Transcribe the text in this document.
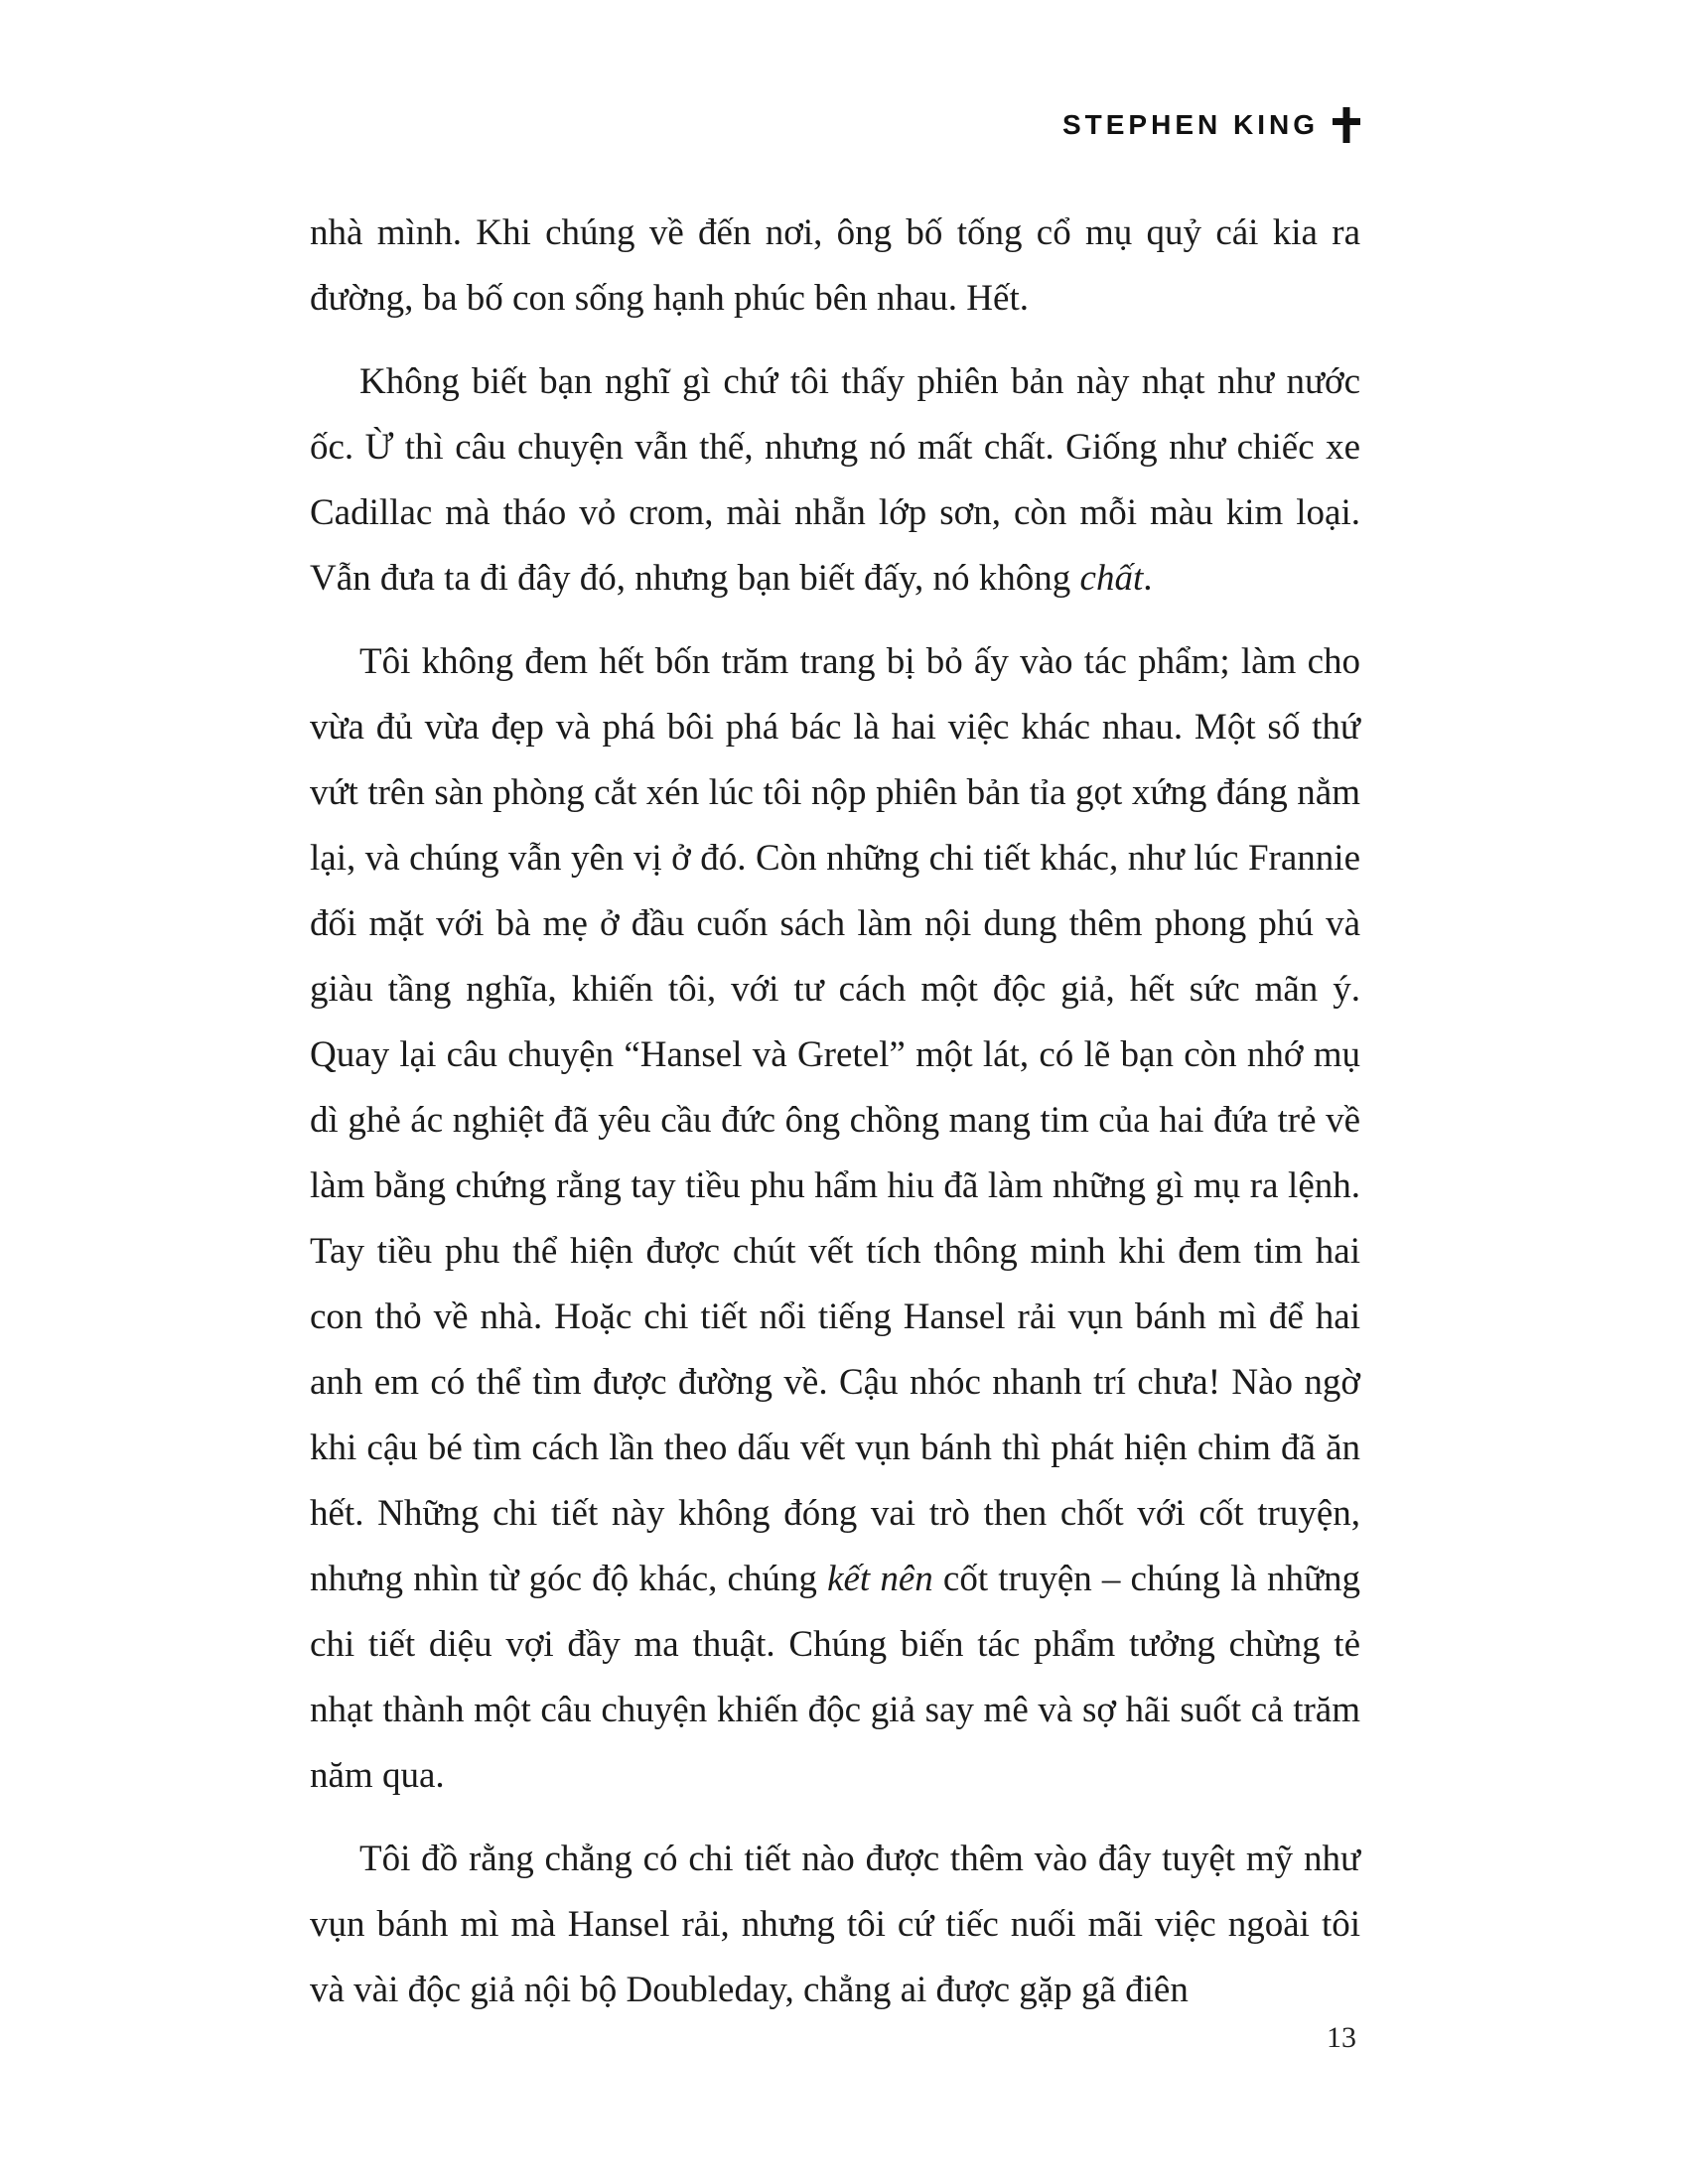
STEPHEN KING

nhà mình. Khi chúng về đến nơi, ông bố tống cổ mụ quỷ cái kia ra đường, ba bố con sống hạnh phúc bên nhau. Hết.

Không biết bạn nghĩ gì chứ tôi thấy phiên bản này nhạt như nước ốc. Ừ thì câu chuyện vẫn thế, nhưng nó mất chất. Giống như chiếc xe Cadillac mà tháo vỏ crom, mài nhẵn lớp sơn, còn mỗi màu kim loại. Vẫn đưa ta đi đây đó, nhưng bạn biết đấy, nó không chất.

Tôi không đem hết bốn trăm trang bị bỏ ấy vào tác phẩm; làm cho vừa đủ vừa đẹp và phá bôi phá bác là hai việc khác nhau. Một số thứ vứt trên sàn phòng cắt xén lúc tôi nộp phiên bản tỉa gọt xứng đáng nằm lại, và chúng vẫn yên vị ở đó. Còn những chi tiết khác, như lúc Frannie đối mặt với bà mẹ ở đầu cuốn sách làm nội dung thêm phong phú và giàu tầng nghĩa, khiến tôi, với tư cách một độc giả, hết sức mãn ý. Quay lại câu chuyện “Hansel và Gretel” một lát, có lẽ bạn còn nhớ mụ dì ghẻ ác nghiệt đã yêu cầu đức ông chồng mang tim của hai đứa trẻ về làm bằng chứng rằng tay tiều phu hẩm hiu đã làm những gì mụ ra lệnh. Tay tiều phu thể hiện được chút vết tích thông minh khi đem tim hai con thỏ về nhà. Hoặc chi tiết nổi tiếng Hansel rải vụn bánh mì để hai anh em có thể tìm được đường về. Cậu nhóc nhanh trí chưa! Nào ngờ khi cậu bé tìm cách lần theo dấu vết vụn bánh thì phát hiện chim đã ăn hết. Những chi tiết này không đóng vai trò then chốt với cốt truyện, nhưng nhìn từ góc độ khác, chúng kết nên cốt truyện – chúng là những chi tiết diệu vợi đầy ma thuật. Chúng biến tác phẩm tưởng chừng tẻ nhạt thành một câu chuyện khiến độc giả say mê và sợ hãi suốt cả trăm năm qua.

Tôi đồ rằng chẳng có chi tiết nào được thêm vào đây tuyệt mỹ như vụn bánh mì mà Hansel rải, nhưng tôi cứ tiếc nuối mãi việc ngoài tôi và vài độc giả nội bộ Doubleday, chẳng ai được gặp gã điên

13
